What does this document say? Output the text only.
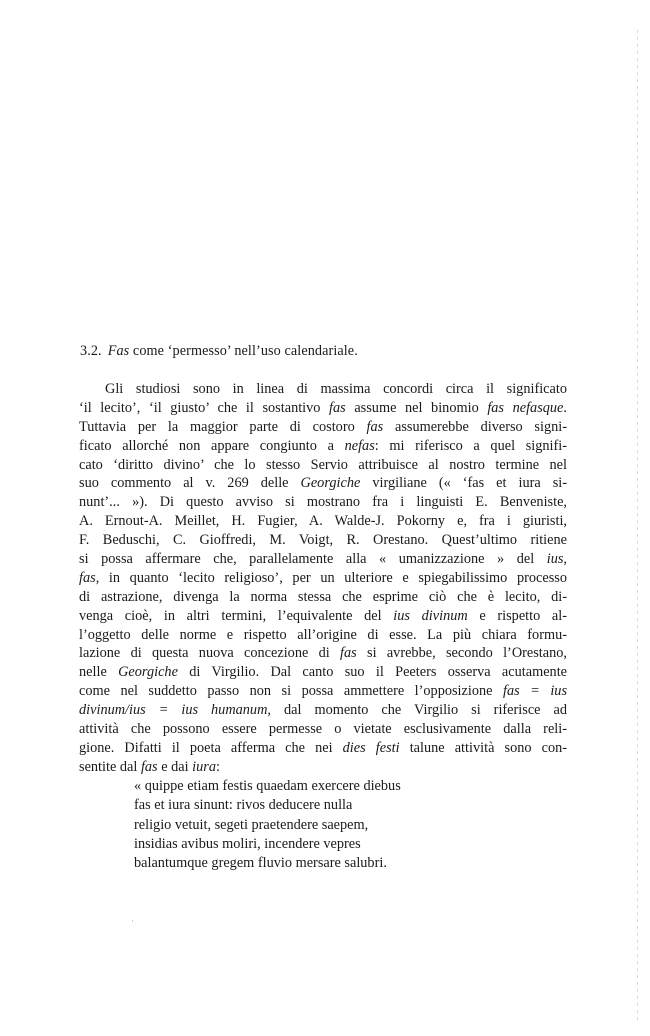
3.2. Fas come ‘permesso’ nell’uso calendariale.
Gli studiosi sono in linea di massima concordi circa il significato
‘il lecito’, ‘il giusto’ che il sostantivo fas assume nel binomio fas nefasque.
Tuttavia per la maggior parte di costoro fas assumerebbe diverso signi-
ficato allorché non appare congiunto a nefas: mi riferisco a quel signifi-
cato ‘diritto divino’ che lo stesso Servio attribuisce al nostro termine nel
suo commento al v. 269 delle Georgiche virgiliane (« ‘fas et iura si-
nunt’... »). Di questo avviso si mostrano fra i linguisti E. Benveniste,
A. Ernout-A. Meillet, H. Fugier, A. Walde-J. Pokorny e, fra i giuristi,
F. Beduschi, C. Gioffredi, M. Voigt, R. Orestano. Quest’ultimo ritiene
si possa affermare che, parallelamente alla « umanizzazione » del ius,
fas, in quanto ‘lecito religioso’, per un ulteriore e spiegabilissimo processo
di astrazione, divenga la norma stessa che esprime ciò che è lecito, di-
venga cioè, in altri termini, l’equivalente del ius divinum e rispetto al-
l’oggetto delle norme e rispetto all’origine di esse. La più chiara formu-
lazione di questa nuova concezione di fas si avrebbe, secondo l’Orestano,
nelle Georgiche di Virgilio. Dal canto suo il Peeters osserva acutamente
come nel suddetto passo non si possa ammettere l’opposizione fas = ius
divinum/ius = ius humanum, dal momento che Virgilio si riferisce ad
attività che possono essere permesse o vietate esclusivamente dalla reli-
gione. Difatti il poeta afferma che nei dies festi talune attività sono con-
sentite dal fas e dai iura:
« quippe etiam festis quaedam exercere diebus
fas et iura sinunt: rivos deducere nulla
religio vetuit, segeti praetendere saepem,
insidias avibus moliri, incendere vepres
balantumque gregem fluvio mersare salubri.
·
